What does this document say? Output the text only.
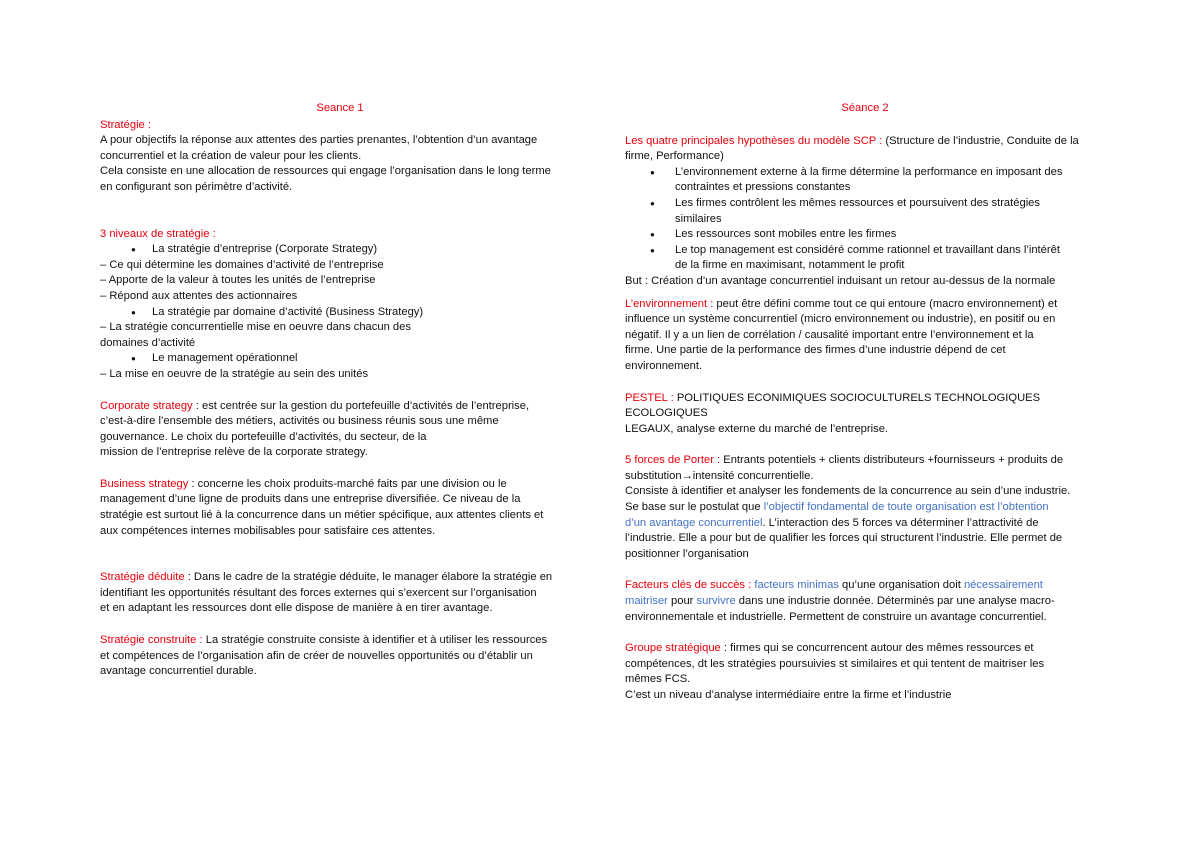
Seance 1

Stratégie :

A pour objectifs la réponse aux attentes des parties prenantes, l’obtention d’un avantage

concurrentiel et la création de valeur pour les clients.

Cela consiste en une allocation de ressources qui engage l’organisation dans le long terme

en configurant son périmètre d’activité.

3 niveaux de stratégie :

● La stratégie d’entreprise (Corporate Strategy)

– Ce qui détermine les domaines d’activité de l’entreprise

– Apporte de la valeur à toutes les unités de l’entreprise

– Répond aux attentes des actionnaires

● La stratégie par domaine d’activité (Business Strategy)

– La stratégie concurrentielle mise en oeuvre dans chacun des

domaines d’activité

● Le management opérationnel

– La mise en oeuvre de la stratégie au sein des unités

Corporate strategy : est centrée sur la gestion du portefeuille d’activités de l’entreprise,

c’est-à-dire l’ensemble des métiers, activités ou business réunis sous une même

gouvernance. Le choix du portefeuille d’activités, du secteur, de la

mission de l’entreprise relève de la corporate strategy.

Business strategy : concerne les choix produits-marché faits par une division ou le

management d’une ligne de produits dans une entreprise diversifiée. Ce niveau de la

stratégie est surtout lié à la concurrence dans un métier spécifique, aux attentes clients et

aux compétences internes mobilisables pour satisfaire ces attentes.

Stratégie déduite : Dans le cadre de la stratégie déduite, le manager élabore la stratégie en

identifiant les opportunités résultant des forces externes qui s’exercent sur l’organisation

et en adaptant les ressources dont elle dispose de manière à en tirer avantage.

Stratégie construite : La stratégie construite consiste à identifier et à utiliser les ressources

et compétences de l’organisation afin de créer de nouvelles opportunités ou d’établir un

avantage concurrentiel durable.

Séance 2

Les quatre principales hypothèses du modèle SCP : (Structure de l’industrie, Conduite de la

firme, Performance)

● L’environnement externe à la firme détermine la performance en imposant des
contraintes et pressions constantes
● Les firmes contrôlent les mêmes ressources et poursuivent des stratégies
similaires
● Les ressources sont mobiles entre les firmes
● Le top management est considéré comme rationnel et travaillant dans l’intérêt
de la firme en maximisant, notamment le profit

But : Création d’un avantage concurrentiel induisant un retour au-dessus de la normale

L’environnement : peut être défini comme tout ce qui entoure (macro environnement) et

influence un système concurrentiel (micro environnement ou industrie), en positif ou en

négatif. Il y a un lien de corrélation / causalité important entre l’environnement et la

firme. Une partie de la performance des firmes d’une industrie dépend de cet

environnement.

PESTEL : POLITIQUES ECONIMIQUES SOCIOCULTURELS TECHNOLOGIQUES ECOLOGIQUES

LEGAUX, analyse externe du marché de l’entreprise.

5 forces de Porter : Entrants potentiels + clients distributeurs +fournisseurs + produits de

substitution→intensité concurrentielle.

Consiste à identifier et analyser les fondements de la concurrence au sein d’une industrie.

Se base sur le postulat que l’objectif fondamental de toute organisation est l’obtention

d’un avantage concurrentiel. L’interaction des 5 forces va déterminer l’attractivité de

l’industrie. Elle a pour but de qualifier les forces qui structurent l’industrie. Elle permet de

positionner l’organisation

Facteurs clés de succès : facteurs minimas qu’une organisation doit nécessairement

maitriser pour survivre dans une industrie donnée. Déterminés par une analyse macro-

environnementale et industrielle. Permettent de construire un avantage concurrentiel.

Groupe stratégique : firmes qui se concurrencent autour des mêmes ressources et

compétences, dt les stratégies poursuivies st similaires et qui tentent de maitriser les

mêmes FCS.

C’est un niveau d’analyse intermédiaire entre la firme et l’industrie
